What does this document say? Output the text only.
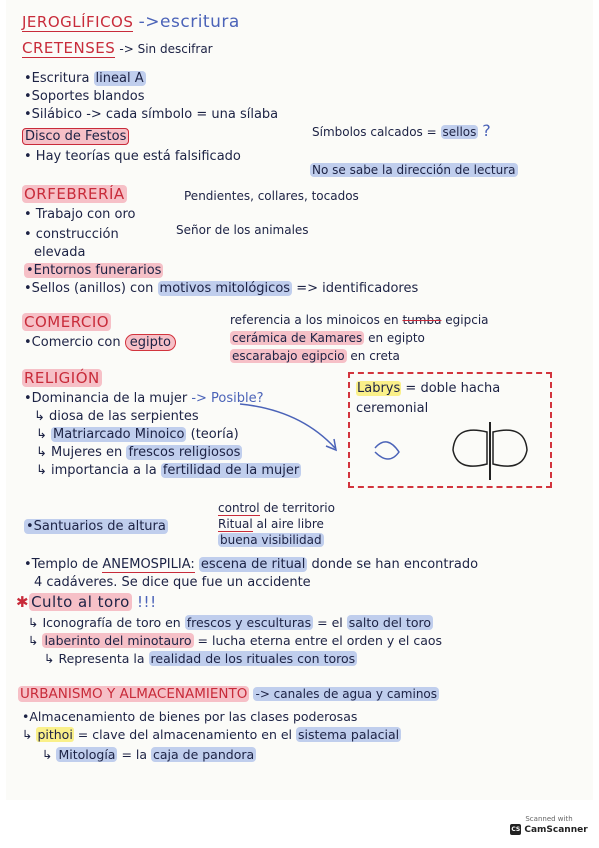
JEROGLÍFICOS ->escritura
CRETENSES -> Sin descifrar
•Escritura lineal A
•Soportes blandos
•Silábico -> cada símbolo = una sílaba
Disco de Festos	Símbolos calcados = sellos ?
• Hay teorías que está falsificado
No se sabe la dirección de lectura
ORFEBRERÍA	Pendientes, collares, tocados
• Trabajo con oro
Señor de los animales
• construcción
elevada
•Entornos funerarios
•Sellos (anillos) con motivos mitológicos => identificadores
COMERCIO	referencia a los minoicos en tumba egipcia
•Comercio con egipto	cerámica de Kamares en egipto
escarabajo egipcio en creta
RELIGIÓN
•Dominancia de la mujer -> Posible?
↳ diosa de las serpientes
↳ Matriarcado Minoico (teoría)
↳ Mujeres en frescos religiosos
↳ importancia a la fertilidad de la mujer
Labrys = doble hacha
ceremonial
control de territorio
•Santuarios de altura	Ritual al aire libre
buena visibilidad
•Templo de ANEMOSPILIA: escena de ritual donde se han encontrado
4 cadáveres. Se dice que fue un accidente
✱ Culto al toro !!!
↳ Iconografía de toro en frescos y esculturas = el salto del toro
↳ laberinto del minotauro = lucha eterna entre el orden y el caos
↳ Representa la realidad de los rituales con toros
URBANISMO Y ALMACENAMIENTO -> canales de agua y caminos
•Almacenamiento de bienes por las clases poderosas
↳ pithoi = clave del almacenamiento en el sistema palacial
↳ Mitología = la caja de pandora
Scanned with
CS CamScanner
